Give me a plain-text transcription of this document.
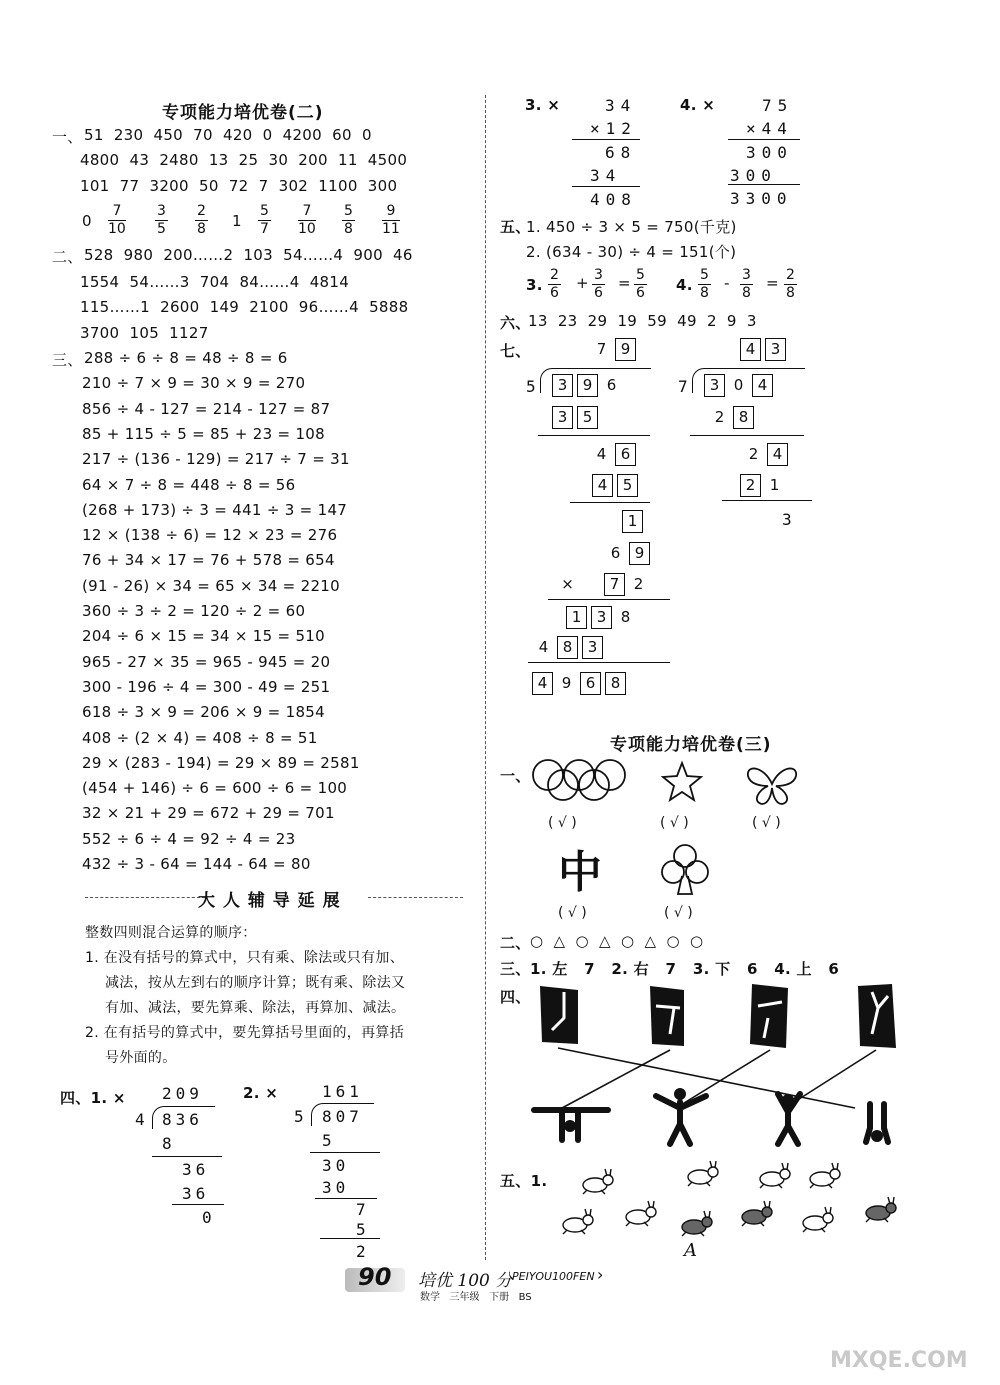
专项能力培优卷(二)
一、 51  230  450  70  420  0  4200  60  0
4800  43  2480  13  25  30  200  11  4500
101  77  3200  50  72  7  302  1100  300
$0 \frac{7}{10} \frac{3}{5} \frac{2}{8} 1 \frac{5}{7} \frac{7}{10} \frac{5}{8} \frac{9}{11}$
二、 528  980  200……2  103  54……4  900  46
1554  54……3  704  84……4  4814
115……1  2600  149  2100  96……4  5888
3700  105  1127
三、 288 ÷ 6 ÷ 8 = 48 ÷ 8 = 6
210 ÷ 7 × 9 = 30 × 9 = 270
856 ÷ 4 - 127 = 214 - 127 = 87
85 + 115 ÷ 5 = 85 + 23 = 108
217 ÷ (136 - 129) = 217 ÷ 7 = 31
64 × 7 ÷ 8 = 448 ÷ 8 = 56
(268 + 173) ÷ 3 = 441 ÷ 3 = 147
12 × (138 ÷ 6) = 12 × 23 = 276
76 + 34 × 17 = 76 + 578 = 654
(91 - 26) × 34 = 65 × 34 = 2210
360 ÷ 3 ÷ 2 = 120 ÷ 2 = 60
204 ÷ 6 × 15 = 34 × 15 = 510
965 - 27 × 35 = 965 - 945 = 20
300 - 196 ÷ 4 = 300 - 49 = 251
618 ÷ 3 × 9 = 206 × 9 = 1854
408 ÷ (2 × 4) = 408 ÷ 8 = 51
29 × (283 - 194) = 29 × 89 = 2581
(454 + 146) ÷ 6 = 600 ÷ 6 = 100
32 × 21 + 29 = 672 + 29 = 701
552 ÷ 6 ÷ 4 = 92 ÷ 4 = 23
432 ÷ 3 - 64 = 144 - 64 = 80
大 人 辅 导 延 展
整数四则混合运算的顺序：
1. 在没有括号的算式中，只有乘、除法或只有加、
减法，按从左到右的顺序计算；既有乘、除法又
有加、减法，要先算乘、除法，再算加、减法。
2. 在有括号的算式中，要先算括号里面的，再算括
号外面的。
四、1. × 209
4 836
8
36
36
0
2. ×	161
5 807
5
30
30
7
5
2
3. ×	34
×12
68
34
408
4. ×	75
×44
300
300
3300
五、
1. 450 ÷ 3 × 5 = 750(千克)
2. (634 - 30) ÷ 4 = 151(个)
3. $\frac{2}{6} + \frac{3}{6} = \frac{5}{6} 4$. $\frac{5}{8} - \frac{3}{8} = \frac{2}{8}$
六、
13  23  29  19  59  49  2  9  3
七、	7 9
5	3 9 6
3 5
4 6
4 5
1
4 3
7	3 0 4
2 8
2 4
2 1
3
6 9
× 7 2
1 3 8
4 8 3
4 9 6 8
专项能力培优卷(三)
一、
( √ )	( √ )	( √ )
中
( √ )	( √ )
二、 ○  △  ○  △  ○  △  ○  ○
三、 1. 左   7   2. 右   7   3. 下   6   4. 上   6
四、
五、1.
A
90 培优 100 分 PEIYOU100FEN ›
数学   三年级   下册   BS
MXQE.COM
